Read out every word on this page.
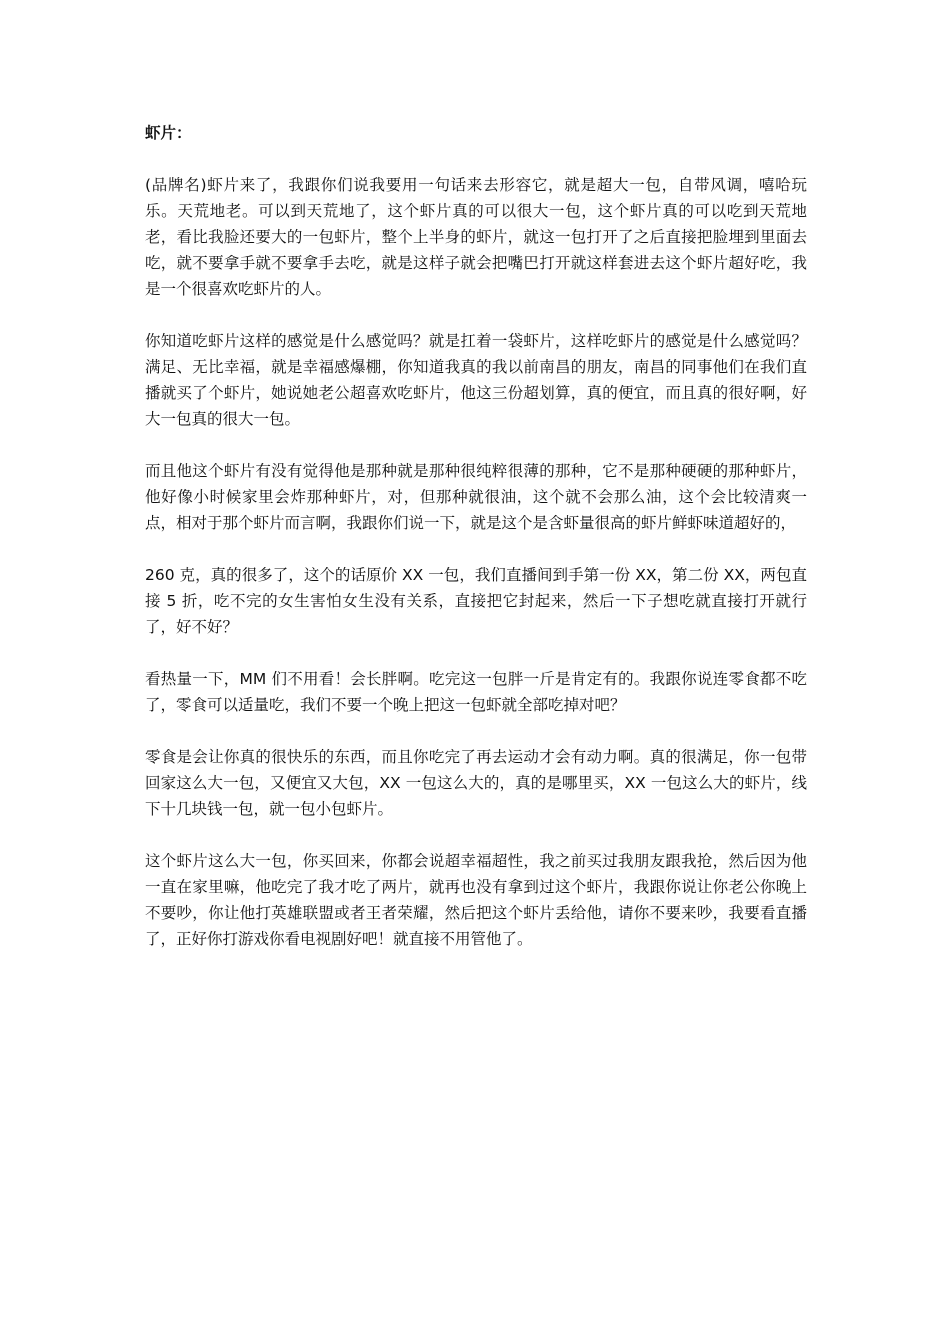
虾片：

(品牌名)虾片来了，我跟你们说我要用一句话来去形容它，就是超大一包，自带风调，嘻哈玩乐。天荒地老。可以到天荒地了，这个虾片真的可以很大一包，这个虾片真的可以吃到天荒地老，看比我脸还要大的一包虾片，整个上半身的虾片，就这一包打开了之后直接把脸埋到里面去吃，就不要拿手就不要拿手去吃，就是这样子就会把嘴巴打开就这样套进去这个虾片超好吃，我是一个很喜欢吃虾片的人。

你知道吃虾片这样的感觉是什么感觉吗？就是扛着一袋虾片，这样吃虾片的感觉是什么感觉吗？满足、无比幸福，就是幸福感爆棚，你知道我真的我以前南昌的朋友，南昌的同事他们在我们直播就买了个虾片，她说她老公超喜欢吃虾片，他这三份超划算，真的便宜，而且真的很好啊，好大一包真的很大一包。

而且他这个虾片有没有觉得他是那种就是那种很纯粹很薄的那种，它不是那种硬硬的那种虾片，他好像小时候家里会炸那种虾片，对，但那种就很油，这个就不会那么油，这个会比较清爽一点，相对于那个虾片而言啊，我跟你们说一下，就是这个是含虾量很高的虾片鲜虾味道超好的，

260 克，真的很多了，这个的话原价 XX 一包，我们直播间到手第一份 XX，第二份 XX，两包直接 5 折，吃不完的女生害怕女生没有关系，直接把它封起来，然后一下子想吃就直接打开就行了，好不好？

看热量一下，MM 们不用看！会长胖啊。吃完这一包胖一斤是肯定有的。我跟你说连零食都不吃了，零食可以适量吃，我们不要一个晚上把这一包虾就全部吃掉对吧？

零食是会让你真的很快乐的东西，而且你吃完了再去运动才会有动力啊。真的很满足，你一包带回家这么大一包，又便宜又大包，XX 一包这么大的，真的是哪里买，XX 一包这么大的虾片，线下十几块钱一包，就一包小包虾片。

这个虾片这么大一包，你买回来，你都会说超幸福超性，我之前买过我朋友跟我抢，然后因为他一直在家里嘛，他吃完了我才吃了两片，就再也没有拿到过这个虾片，我跟你说让你老公你晚上不要吵，你让他打英雄联盟或者王者荣耀，然后把这个虾片丢给他，请你不要来吵，我要看直播了，正好你打游戏你看电视剧好吧！就直接不用管他了。
